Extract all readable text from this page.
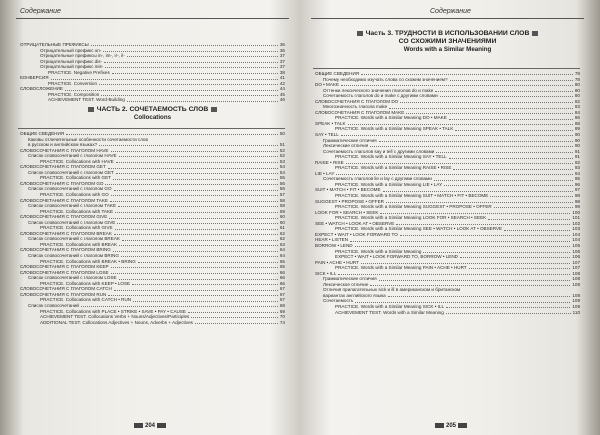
Содержание
ОТРИЦАТЕЛЬНЫЕ ПРЕФИКСЫ	36
Отрицательный префикс un-	36
Отрицательные префиксы in-, im-, ir-, il-	37
Отрицательный префикс dis-	37
Отрицательный префикс mis-	37
PRACTICE. Negative Prefixes	38
КОНВЕРСИЯ	41
PRACTICE. Conversion	42
СЛОВОСЛОЖЕНИЕ	44
PRACTICE. Composition	45
ACHIEVEMENT TEST. Word-Building	46
ЧАСТЬ 2. СОЧЕТАЕМОСТЬ СЛОВ
Collocations
ОБЩИЕ СВЕДЕНИЯ	50
Каковы отличительные особенности сочетаемости слов
в русском и английском языках?	51
СЛОВОСОЧЕТАНИЯ С ГЛАГОЛОМ HAVE	52
Список словосочетаний с глаголом HAVE	52
PRACTICE. Collocations with HAVE	53
СЛОВОСОЧЕТАНИЯ С ГЛАГОЛОМ GET	54
Список словосочетаний с глаголом GET	54
PRACTICE. Collocations with GET	55
СЛОВОСОЧЕТАНИЯ С ГЛАГОЛОМ GO	56
Список словосочетаний с глаголом GO	56
PRACTICE. Collocations with GO	57
СЛОВОСОЧЕТАНИЯ С ГЛАГОЛОМ TAKE	58
Список словосочетаний с глаголом TAKE	58
PRACTICE. Collocations with TAKE	59
СЛОВОСОЧЕТАНИЯ С ГЛАГОЛОМ GIVE	60
Список словосочетаний с глаголом GIVE	60
PRACTICE. Collocations with GIVE	61
СЛОВОСОЧЕТАНИЯ С ГЛАГОЛОМ BREAK	62
Список словосочетаний с глаголом BREAK	62
PRACTICE. Collocations with BREAK	63
СЛОВОСОЧЕТАНИЯ С ГЛАГОЛОМ BRING	64
Список словосочетаний с глаголом BRING	64
PRACTICE. Collocations with BREAK • BRING	65
СЛОВОСОЧЕТАНИЯ С ГЛАГОЛОМ KEEP	65
СЛОВОСОЧЕТАНИЯ С ГЛАГОЛОМ LOSE	66
Список словосочетаний с глаголом LOSE	66
PRACTICE. Collocations with KEEP • LOSE	66
СЛОВОСОЧЕТАНИЯ С ГЛАГОЛОМ CATCH	67
СЛОВОСОЧЕТАНИЯ С ГЛАГОЛОМ RUN	67
PRACTICE. Collocations with CATCH • RUN	67
Список словосочетаний	68
PRACTICE. Collocations with PLACE • STRIKE • SAVE • PAY • CAUSE	69
ACHIEVEMENT TEST. Collocations Verbs + Nouns/Adjectives/Participles	70
ADDITIONAL TEST. Collocations Adjectives + Nouns, Adverbs + Adjectives	74
204
Содержание
Часть 3. ТРУДНОСТИ В ИСПОЛЬЗОВАНИИ СЛОВ
СО СХОЖИМИ ЗНАЧЕНИЯМИ
Words with a Similar Meaning
ОБЩИЕ СВЕДЕНИЯ	78
Почему необходимо изучать слова со схожим значением?	78
DO • MAKE	80
Оттенки лексического значения глаголов do и make	80
Сочетаемость глаголов do и make с другими словами	80
СЛОВОСОЧЕТАНИЯ С ГЛАГОЛОМ DO	82
Многозначность глагола make	83
СЛОВОСОЧЕТАНИЯ С ГЛАГОЛОМ MAKE	84
PRACTICE. Words with a Similar Meaning DO • MAKE	86
SPEAK • TALK	88
PRACTICE. Words with a Similar Meaning SPEAK • TALK	89
SAY • TELL	90
Грамматические отличия	90
Лексические отличия	90
Сочетаемость глаголов say и tell с другими словами	91
PRACTICE. Words with a Similar Meaning SAY • TELL	91
RAISE • RISE	92
PRACTICE. Words with a Similar Meaning RAISE • RISE	93
LIE • LAY	94
Сочетаемость глаголов lie и lay с другими словами	95
PRACTICE. Words with a Similar Meaning LIE • LAY	96
SUIT • MATCH • FIT • BECOME	97
PRACTICE. Words with a Similar Meaning SUIT • MATCH • FIT • BECOME	98
SUGGEST • PROPOSE • OFFER	98
PRACTICE. Words with a Similar Meaning SUGGEST • PROPOSE • OFFER	99
LOOK FOR • SEARCH • SEEK	100
PRACTICE. Words with a Similar Meaning LOOK FOR • SEARCH • SEEK	101
SEE • WATCH • LOOK AT • OBSERVE	102
PRACTICE. Words with a Similar Meaning SEE • WATCH • LOOK AT • OBSERVE	103
EXPECT • WAIT • LOOK FORWARD TO	104
HEAR • LISTEN	104
BORROW • LEND	105
PRACTICE. Words with a Similar Meaning	106
EXPECT • WAIT • LOOK FORWARD TO, BORROW • LEND	106
PAIN • ACHE • HURT	107
PRACTICE. Words with a Similar Meaning PAIN • ACHE • HURT	107
SICK • ILL	108
Грамматические отличия	108
Лексическое отличие	108
Отличия прилагательных sick и ill в американском и британском
вариантах английского языка	108
Сочетаемость	109
PRACTICE. Words with a Similar Meaning SICK • ILL	109
ACHIEVEMENT TEST. Words with a Similar Meaning	110
205
